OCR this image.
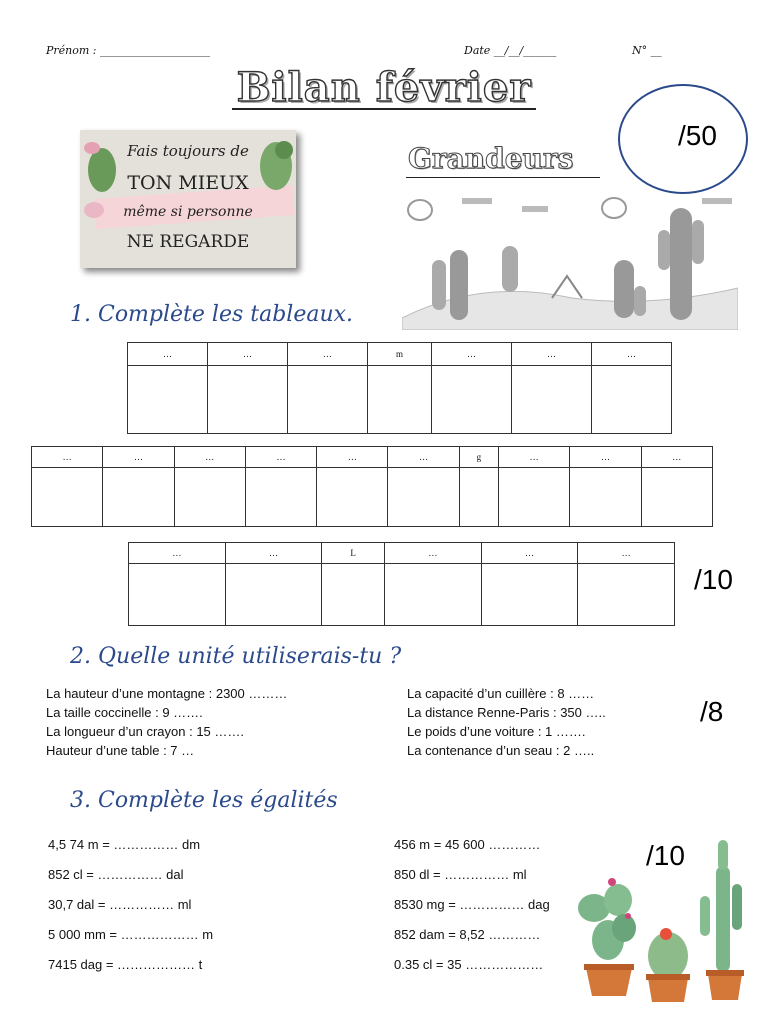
Prénom : ____________________	Date __/__/______	N° __
Bilan février
/50
Fais toujours de
TON MIEUX
même si personne
NE REGARDE
Grandeurs
1. Complète les tableaux.
…	…	…	m	…	…	…

…	…	…	…	…	…	g	…	…	…

…	…	L	…	…	…

/10
2. Quelle unité utiliserais-tu ?
La hauteur d’une montagne : 2300 ………
La taille coccinelle : 9 …….
La longueur d’un crayon : 15 …….
Hauteur d’une table : 7 …
La capacité d’un cuillère : 8 ……
La distance Renne-Paris : 350 …..
Le poids d’une voiture : 1 …….
La contenance d’un seau : 2 …..
/8
3. Complète les égalités
4,5 74 m = …………… dm
852 cl = …………… dal
30,7 dal = …………… ml
5 000 mm = ……………… m
7415 dag = ……………… t
456 m = 45 600 …………
850 dl = …………… ml
8530 mg = …………… dag
852 dam = 8,52 …………
0.35 cl = 35 ………………
/10
